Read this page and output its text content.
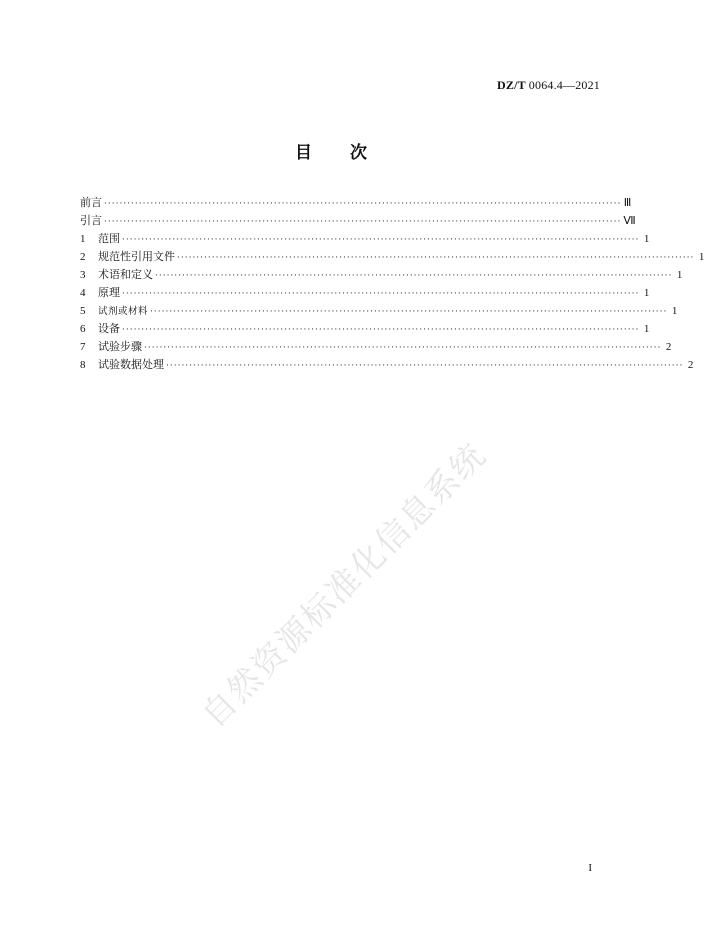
DZ/T 0064.4—2021
目 次
前言 ······································································································································ Ⅲ
引言 ······································································································································ Ⅶ
1	范围 ······································································································································ 1
2	规范性引用文件 ······································································································································ 1
3	术语和定义 ······································································································································ 1
4	原理 ······································································································································ 1
5	试剂或材料 ······································································································································ 1
6	设备 ······································································································································ 1
7	试验步骤 ······································································································································ 2
8	试验数据处理 ······································································································································ 2
自然资源标准化信息系统
I
